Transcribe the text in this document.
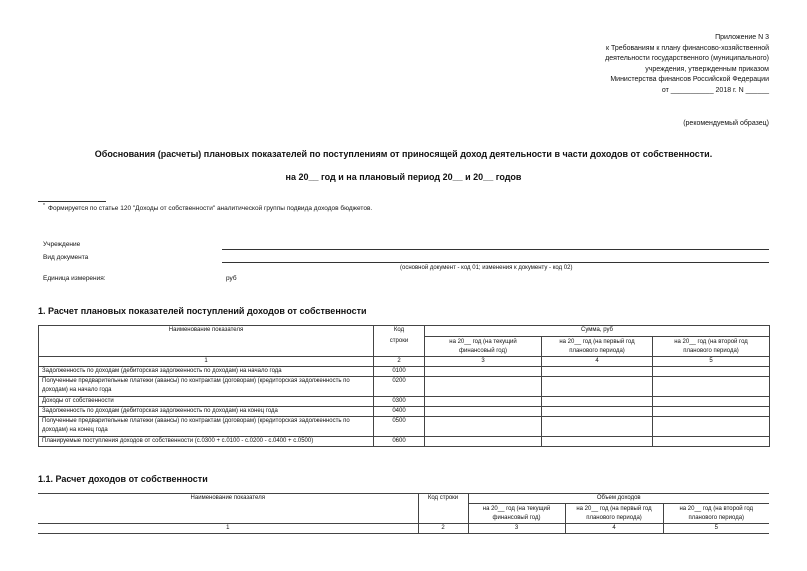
Приложение N 3
к Требованиям к плану финансово-хозяйственной
деятельности государственного (муниципального)
учреждения, утвержденным приказом
Министерства финансов Российской Федерации
от ___________ 2018 г. N ______
(рекомендуемый образец)
Обоснования (расчеты) плановых показателей по поступлениям от приносящей доход деятельности в части доходов от собственности.
на 20__ год и на плановый период 20__ и 20__ годов
* Формируется по статье 120 "Доходы от собственности" аналитической группы подвида доходов бюджетов.
Учреждение
Вид документа
(основной документ - код 01; изменения к документу - код 02)
Единица измерения:	руб
1. Расчет плановых показателей поступлений доходов от собственности
Наименование показателя	Код	Сумма, руб		
	строки	на 20__ год (на текущий финансовый год)	на 20__ год (на первый год планового периода)	на 20__ год (на второй год планового периода)
1	2	3	4	5
Задолженность по доходам (дебиторская задолженность по доходам) на начало года	0100			
Полученные предварительные платежи (авансы) по контрактам (договорам) (кредиторская задолженность по доходам) на начало года	0200			
Доходы от собственности	0300			
Задолженность по доходам (дебиторская задолженность по доходам) на конец года	0400			
Полученные предварительные платежи (авансы) по контрактам (договорам) (кредиторская задолженность по доходам) на конец года	0500			
Планируемые поступления доходов от собственности (с.0300 + с.0100 - с.0200 - с.0400 + с.0500)	0600			
1.1. Расчет доходов от собственности
Наименование показателя	Код строки	Объем доходов		
		на 20__ год (на текущий финансовый год)	на 20__ год (на первый год планового периода)	на 20__ год (на второй год планового периода)
1	2	3	4	5
